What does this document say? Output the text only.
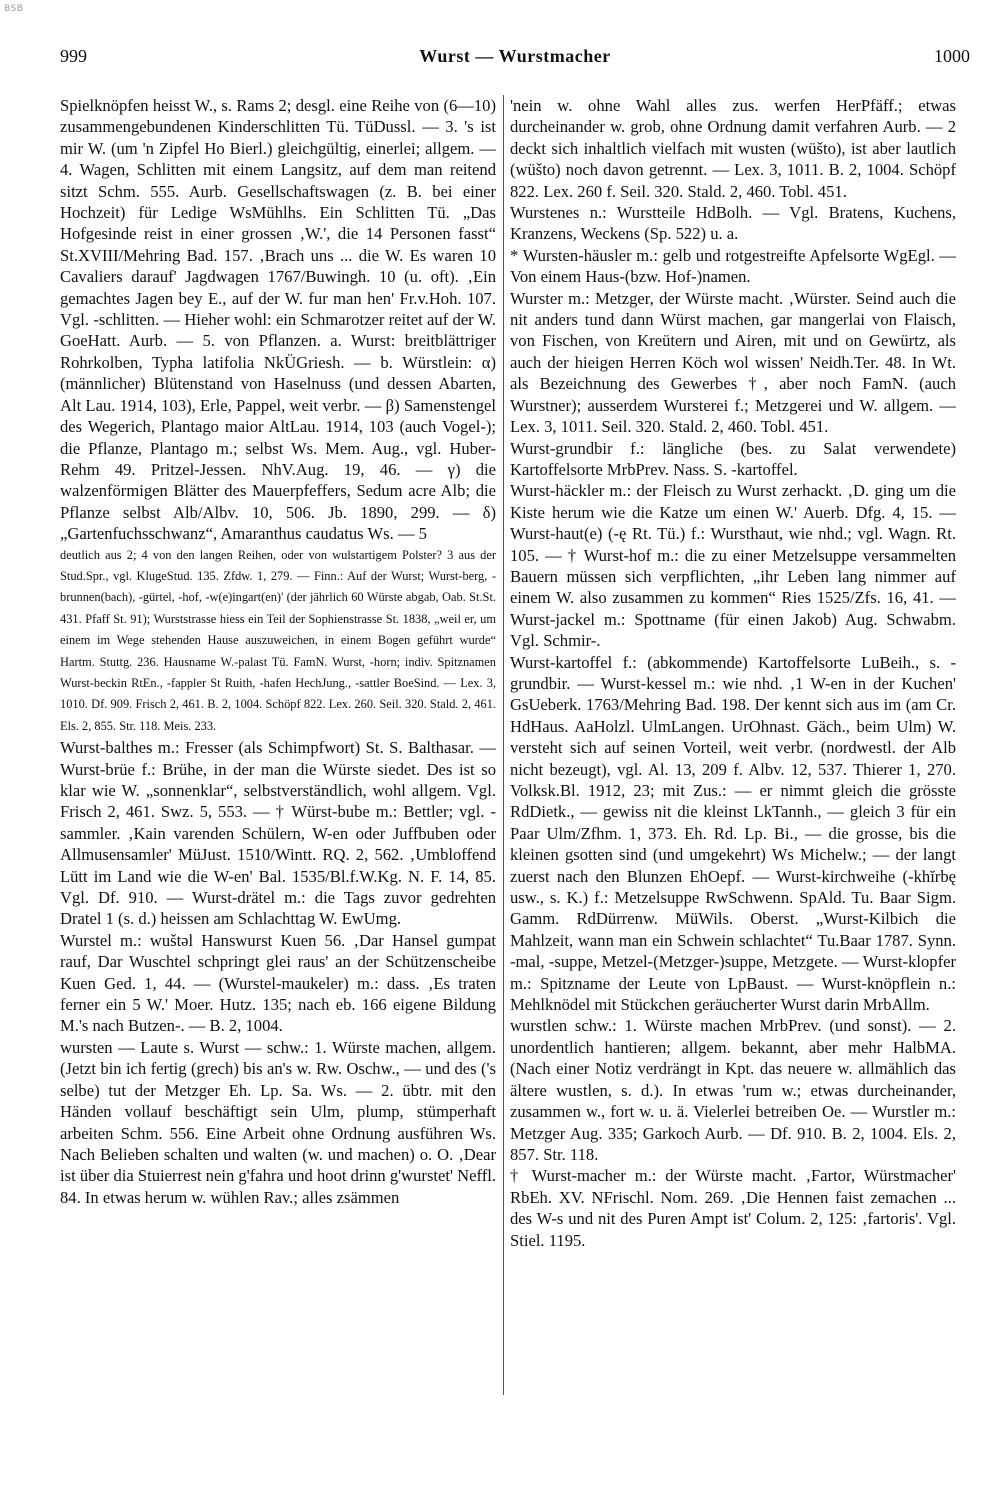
BSB
999	Wurst — Wurstmacher	1000

Spielknöpfen heisst W., s. Rams 2; desgl. eine Reihe von (6—10) zusammengebundenen Kinderschlitten Tü. TüDussl. — 3. 's ist mir W. (um 'n Zipfel Ho Bierl.) gleichgültig, einerlei; allgem. — 4. Wagen, Schlitten mit einem Langsitz, auf dem man reitend sitzt Schm. 555. Aurb. Gesellschaftswagen (z. B. bei einer Hochzeit) für Ledige WsMühlhs. Ein Schlitten Tü. „Das Hofgesinde reist in einer grossen ‚W.', die 14 Personen fasst“ St.XVIII/Mehring Bad. 157. ‚Brach uns ... die W. Es waren 10 Cavaliers darauf' Jagdwagen 1767/Buwingh. 10 (u. oft). ‚Ein gemachtes Jagen bey E., auf der W. fur man hen' Fr.v.Hoh. 107. Vgl. -schlitten. — Hieher wohl: ein Schmarotzer reitet auf der W. GoeHatt. Aurb. — 5. von Pflanzen. a. Wurst: breitblättriger Rohrkolben, Typha latifolia NkÜGriesh. — b. Würstlein: α) (männlicher) Blütenstand von Haselnuss (und dessen Abarten, Alt Lau. 1914, 103), Erle, Pappel, weit verbr. — β) Samenstengel des Wegerich, Plantago maior AltLau. 1914, 103 (auch Vogel-); die Pflanze, Plantago m.; selbst Ws. Mem. Aug., vgl. Huber-Rehm 49. Pritzel-Jessen. NhV.Aug. 19, 46. — γ) die walzenförmigen Blätter des Mauerpfeffers, Sedum acre Alb; die Pflanze selbst Alb/Albv. 10, 506. Jb. 1890, 299. — δ) „Gartenfuchsschwanz“, Amaranthus caudatus Ws. — 5

deutlich aus 2; 4 von den langen Reihen, oder von wulstartigem Polster? 3 aus der Stud.Spr., vgl. KlugeStud. 135. Zfdw. 1, 279. — Finn.: Auf der Wurst; Wurst-berg, -brunnen(bach), -gürtel, -hof, -w(e)ingart(en)' (der jährlich 60 Würste abgab, Oab. St.St. 431. Pfaff St. 91); Wurststrasse hiess ein Teil der Sophienstrasse St. 1838, „weil er, um einem im Wege stehenden Hause auszuweichen, in einem Bogen geführt wurde“ Hartm. Stuttg. 236. Hausname W.-palast Tü. FamN. Wurst, -horn; indiv. Spitznamen Wurst-beckin RtEn., -fappler St Ruith, -hafen HechJung., -sattler BoeSind. — Lex. 3, 1010. Df. 909. Frisch 2, 461. B. 2, 1004. Schöpf 822. Lex. 260. Seil. 320. Stald. 2, 461. Els. 2, 855. Str. 118. Meis. 233.

Wurst-balthes m.: Fresser (als Schimpfwort) St. S. Balthasar. — Wurst-brüe f.: Brühe, in der man die Würste siedet. Des ist so klar wie W. „sonnenklar“, selbstverständlich, wohl allgem. Vgl. Frisch 2, 461. Swz. 5, 553. — † Würst-bube m.: Bettler; vgl. -sammler. ‚Kain varenden Schülern, W-en oder Juffbuben oder Allmusensamler' MüJust. 1510/Wintt. RQ. 2, 562. ‚Umbloffend Lütt im Land wie die W-en' Bal. 1535/Bl.f.W.Kg. N. F. 14, 85. Vgl. Df. 910. — Wurst-drätel m.: die Tags zuvor gedrehten Dratel 1 (s. d.) heissen am Schlachttag W. EwUmg.

Wurstel m.: wuštəl Hanswurst Kuen 56. ‚Dar Hansel gumpat rauf, Dar Wuschtel schpringt glei raus' an der Schützenscheibe Kuen Ged. 1, 44. — (Wurstel-maukeler) m.: dass. ‚Es traten ferner ein 5 W.' Moer. Hutz. 135; nach eb. 166 eigene Bildung M.'s nach Butzen-. — B. 2, 1004.

wursten — Laute s. Wurst — schw.: 1. Würste machen, allgem. (Jetzt bin ich fertig (grech) bis an's w. Rw. Oschw., — und des ('s selbe) tut der Metzger Eh. Lp. Sa. Ws. — 2. übtr. mit den Händen vollauf beschäftigt sein Ulm, plump, stümperhaft arbeiten Schm. 556. Eine Arbeit ohne Ordnung ausführen Ws. Nach Belieben schalten und walten (w. und machen) o. O. ‚Dear ist über dia Stuierrest nein g'fahra und hoot drinn g'wurstet' Neffl. 84. In etwas herum w. wühlen Rav.; alles zsämmen

'nein w. ohne Wahl alles zus. werfen HerPfäff.; etwas durcheinander w. grob, ohne Ordnung damit verfahren Aurb. — 2 deckt sich inhaltlich vielfach mit wusten (wüšto), ist aber lautlich (wüšto) noch davon getrennt. — Lex. 3, 1011. B. 2, 1004. Schöpf 822. Lex. 260 f. Seil. 320. Stald. 2, 460. Tobl. 451.

Wurstenes n.: Wurstteile HdBolh. — Vgl. Bratens, Kuchens, Kranzens, Weckens (Sp. 522) u. a.

* Wursten-häusler m.: gelb und rotgestreifte Apfelsorte WgEgl. — Von einem Haus-(bzw. Hof-)namen.

Wurster m.: Metzger, der Würste macht. ‚Würster. Seind auch die nit anders tund dann Würst machen, gar mangerlai von Flaisch, von Fischen, von Kreütern und Airen, mit und on Gewürtz, als auch der hieigen Herren Köch wol wissen' Neidh.Ter. 48. In Wt. als Bezeichnung des Gewerbes †, aber noch FamN. (auch Wurstner); ausserdem Wursterei f.; Metzgerei und W. allgem. — Lex. 3, 1011. Seil. 320. Stald. 2, 460. Tobl. 451.

Wurst-grundbir f.: längliche (bes. zu Salat verwendete) Kartoffelsorte MrbPrev. Nass. S. -kartoffel.

Wurst-häckler m.: der Fleisch zu Wurst zerhackt. ‚D. ging um die Kiste herum wie die Katze um einen W.' Auerb. Dfg. 4, 15. — Wurst-haut(e) (-ę Rt. Tü.) f.: Wursthaut, wie nhd.; vgl. Wagn. Rt. 105. — † Wurst-hof m.: die zu einer Metzelsuppe versammelten Bauern müssen sich verpflichten, „ihr Leben lang nimmer auf einem W. also zusammen zu kommen“ Ries 1525/Zfs. 16, 41. — Wurst-jackel m.: Spottname (für einen Jakob) Aug. Schwabm. Vgl. Schmir-.

Wurst-kartoffel f.: (abkommende) Kartoffelsorte LuBeih., s. -grundbir. — Wurst-kessel m.: wie nhd. ‚1 W-en in der Kuchen' GsUeberk. 1763/Mehring Bad. 198. Der kennt sich aus im (am Cr. HdHaus. AaHolzl. UlmLangen. UrOhnast. Gäch., beim Ulm) W. versteht sich auf seinen Vorteil, weit verbr. (nordwestl. der Alb nicht bezeugt), vgl. Al. 13, 209 f. Albv. 12, 537. Thierer 1, 270. Volksk.Bl. 1912, 23; mit Zus.: — er nimmt gleich die grösste RdDietk., — gewiss nit die kleinst LkTannh., — gleich 3 für ein Paar Ulm/Zfhm. 1, 373. Eh. Rd. Lp. Bi., — die grosse, bis die kleinen gsotten sind (und umgekehrt) Ws Michelw.; — der langt zuerst nach den Blunzen EhOepf. — Wurst-kirchweihe (-khĭrbę usw., s. K.) f.: Metzelsuppe RwSchwenn. SpAld. Tu. Baar Sigm. Gamm. RdDürrenw. MüWils. Oberst. „Wurst-Kilbich die Mahlzeit, wann man ein Schwein schlachtet“ Tu.Baar 1787. Synn. -mal, -suppe, Metzel-(Metzger-)suppe, Metzgete. — Wurst-klopfer m.: Spitzname der Leute von LpBaust. — Wurst-knöpflein n.: Mehlknödel mit Stückchen geräucherter Wurst darin MrbAllm.

wurstlen schw.: 1. Würste machen MrbPrev. (und sonst). — 2. unordentlich hantieren; allgem. bekannt, aber mehr HalbMA. (Nach einer Notiz verdrängt in Kpt. das neuere w. allmählich das ältere wustlen, s. d.). In etwas 'rum w.; etwas durcheinander, zusammen w., fort w. u. ä. Vielerlei betreiben Oe. — Wurstler m.: Metzger Aug. 335; Garkoch Aurb. — Df. 910. B. 2, 1004. Els. 2, 857. Str. 118.

† Wurst-macher m.: der Würste macht. ‚Fartor, Würstmacher' RbEh. XV. NFrischl. Nom. 269. ‚Die Hennen faist zemachen ... des W-s und nit des Puren Ampt ist' Colum. 2, 125: ‚fartoris'. Vgl. Stiel. 1195.
